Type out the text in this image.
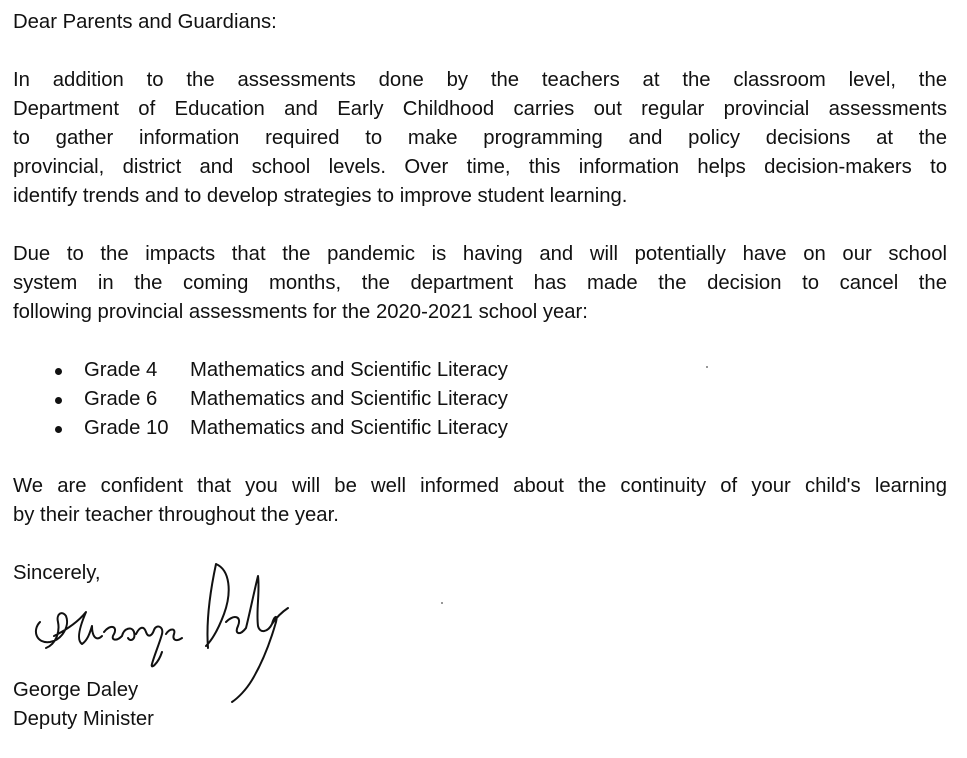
Dear Parents and Guardians:
In addition to the assessments done by the teachers at the classroom level, the
Department of Education and Early Childhood carries out regular provincial assessments
to gather information required to make programming and policy decisions at the
provincial, district and school levels. Over time, this information helps decision-makers to
identify trends and to develop strategies to improve student learning.
Due to the impacts that the pandemic is having and will potentially have on our school
system in the coming months, the department has made the decision to cancel the
following provincial assessments for the 2020-2021 school year:
Grade 4 Mathematics and Scientific Literacy
Grade 6 Mathematics and Scientific Literacy
Grade 10 Mathematics and Scientific Literacy
We are confident that you will be well informed about the continuity of your child's learning
by their teacher throughout the year.
Sincerely,
George Daley
Deputy Minister
